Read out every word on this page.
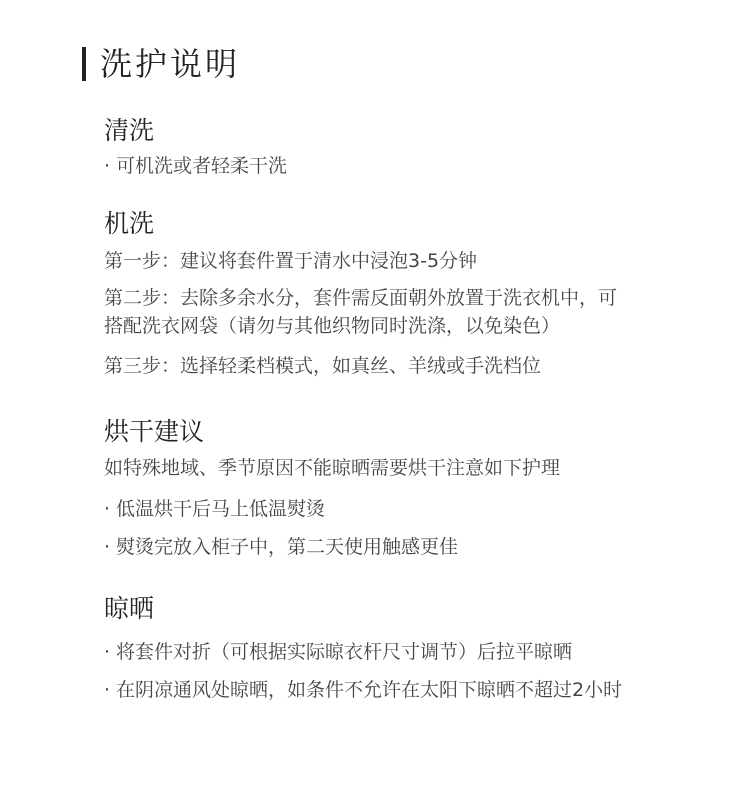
洗护说明
清洗
· 可机洗或者轻柔干洗
机洗
第一步：建议将套件置于清水中浸泡3-5分钟
第二步：去除多余水分，套件需反面朝外放置于洗衣机中，可
搭配洗衣网袋（请勿与其他织物同时洗涤，以免染色）
第三步：选择轻柔档模式，如真丝、羊绒或手洗档位
烘干建议
如特殊地域、季节原因不能晾晒需要烘干注意如下护理
· 低温烘干后马上低温熨烫
· 熨烫完放入柜子中，第二天使用触感更佳
晾晒
· 将套件对折（可根据实际晾衣杆尺寸调节）后拉平晾晒
· 在阴凉通风处晾晒，如条件不允许在太阳下晾晒不超过2小时
